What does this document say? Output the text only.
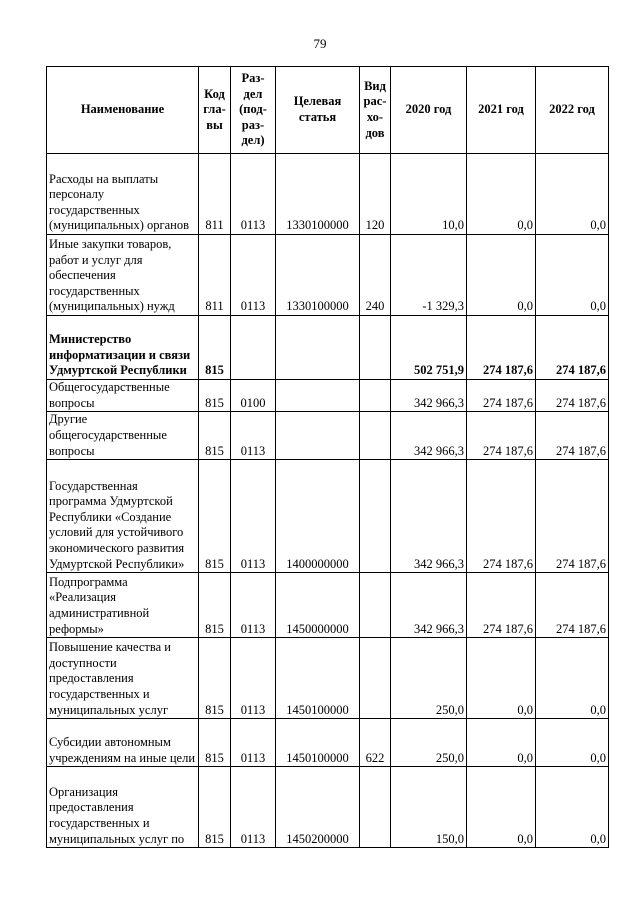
79
Наименование	Код
гла-
вы	Раз-
дел
(под-
раз-
дел)	Целевая
статья	Вид
рас-
хо-
дов	2020 год	2021 год	2022 год
Расходы на выплаты персоналу государственных (муниципальных) органов	811	0113	1330100000	120	10,0	0,0	0,0
Иные закупки товаров, работ и услуг для обеспечения государственных (муниципальных) нужд	811	0113	1330100000	240	-1 329,3	0,0	0,0
Министерство информатизации и связи Удмуртской Республики	815				502 751,9	274 187,6	274 187,6
Общегосударственные вопросы	815	0100			342 966,3	274 187,6	274 187,6
Другие общегосударственные вопросы	815	0113			342 966,3	274 187,6	274 187,6
Государственная программа Удмуртской Республики «Создание условий для устойчивого экономического развития Удмуртской Республики»	815	0113	1400000000		342 966,3	274 187,6	274 187,6
Подпрограмма «Реализация административной реформы»	815	0113	1450000000		342 966,3	274 187,6	274 187,6
Повышение качества и доступности предоставления государственных и муниципальных услуг	815	0113	1450100000		250,0	0,0	0,0
Субсидии автономным учреждениям на иные цели	815	0113	1450100000	622	250,0	0,0	0,0
Организация предоставления государственных и муниципальных услуг по	815	0113	1450200000		150,0	0,0	0,0
